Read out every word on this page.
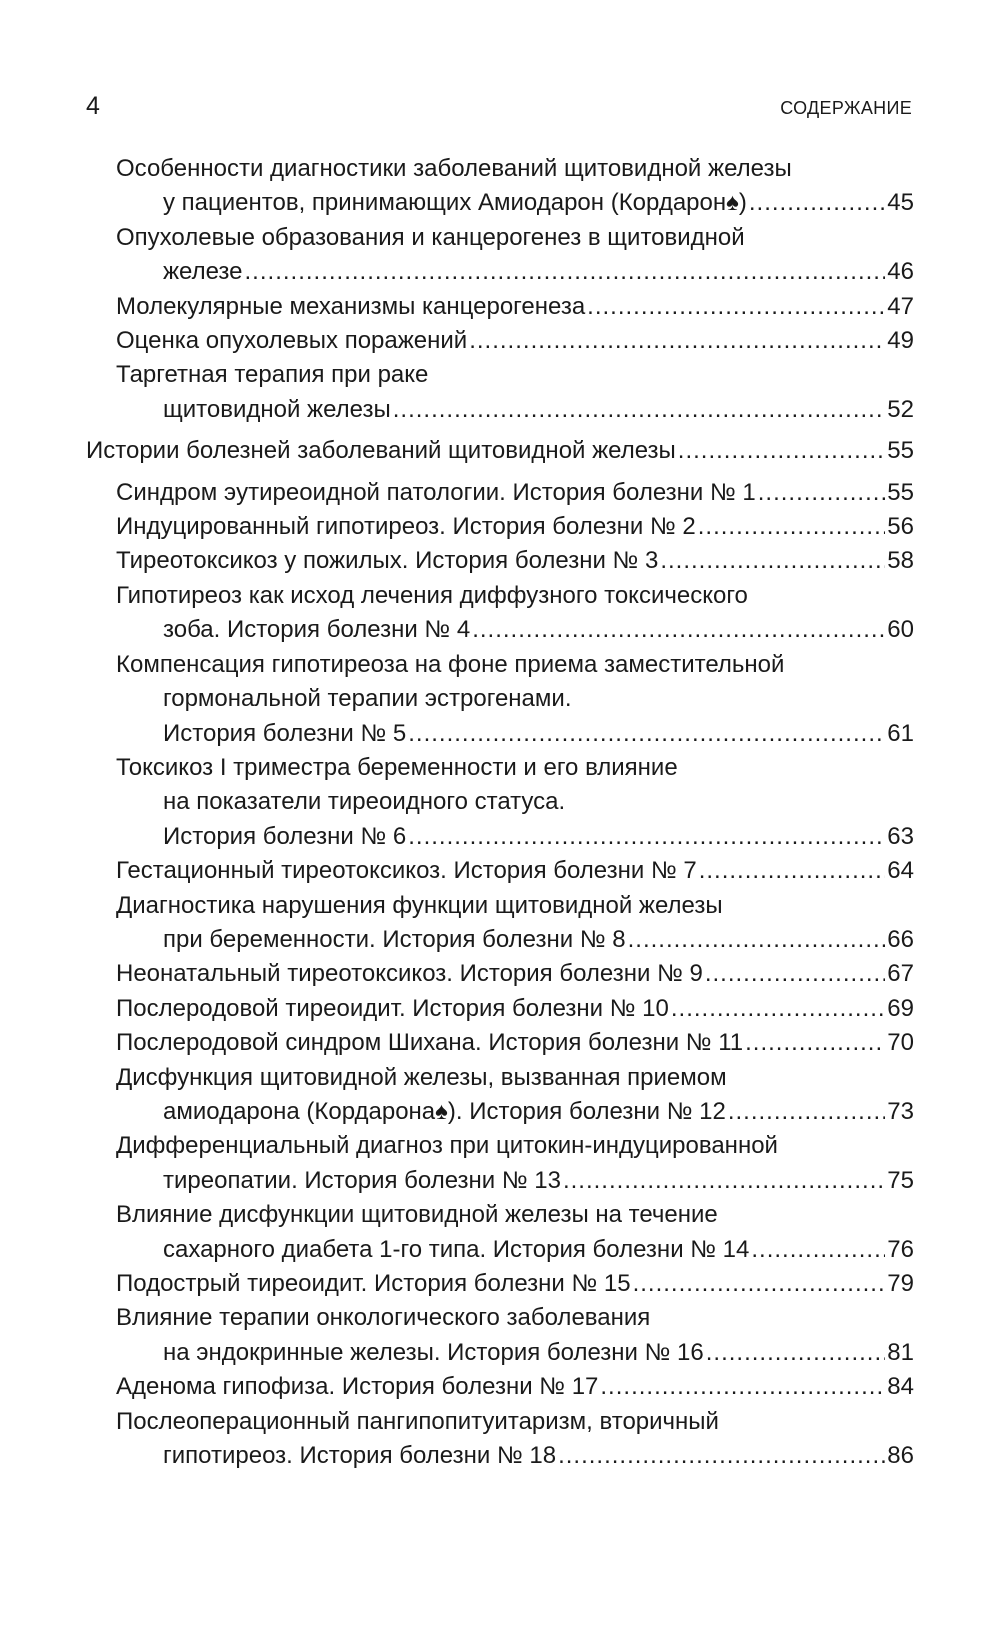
4	СОДЕРЖАНИЕ
Особенности диагностики заболеваний щитовидной железы
у пациентов, принимающих Амиодарон (Кордарон♠) .....	45
Опухолевые образования и канцерогенез в щитовидной
железе .....	46
Молекулярные механизмы канцерогенеза .....	47
Оценка опухолевых поражений .....	49
Таргетная терапия при раке
щитовидной железы .....	52
Истории болезней заболеваний щитовидной железы .....	55
Синдром эутиреоидной патологии. История болезни № 1 .....	55
Индуцированный гипотиреоз. История болезни № 2 .....	56
Тиреотоксикоз у пожилых. История болезни № 3 .....	58
Гипотиреоз как исход лечения диффузного токсического
зоба. История болезни № 4 .....	60
Компенсация гипотиреоза на фоне приема заместительной
гормональной терапии эстрогенами.
История болезни № 5 .....	61
Токсикоз I триместра беременности и его влияние
на показатели тиреоидного статуса.
История болезни № 6 .....	63
Гестационный тиреотоксикоз. История болезни № 7 .....	64
Диагностика нарушения функции щитовидной железы
при беременности. История болезни № 8 .....	66
Неонатальный тиреотоксикоз. История болезни № 9 .....	67
Послеродовой тиреоидит. История болезни № 10 .....	69
Послеродовой синдром Шихана. История болезни № 11 .....	70
Дисфункция щитовидной железы, вызванная приемом
амиодарона (Кордарона♠). История болезни № 12 .....	73
Дифференциальный диагноз при цитокин-индуцированной
тиреопатии. История болезни № 13 .....	75
Влияние дисфункции щитовидной железы на течение
сахарного диабета 1-го типа. История болезни № 14 .....	76
Подострый тиреоидит. История болезни № 15 .....	79
Влияние терапии онкологического заболевания
на эндокринные железы. История болезни № 16 .....	81
Аденома гипофиза. История болезни № 17 .....	84
Послеоперационный пангипопитуитаризм, вторичный
гипотиреоз. История болезни № 18 .....	86
